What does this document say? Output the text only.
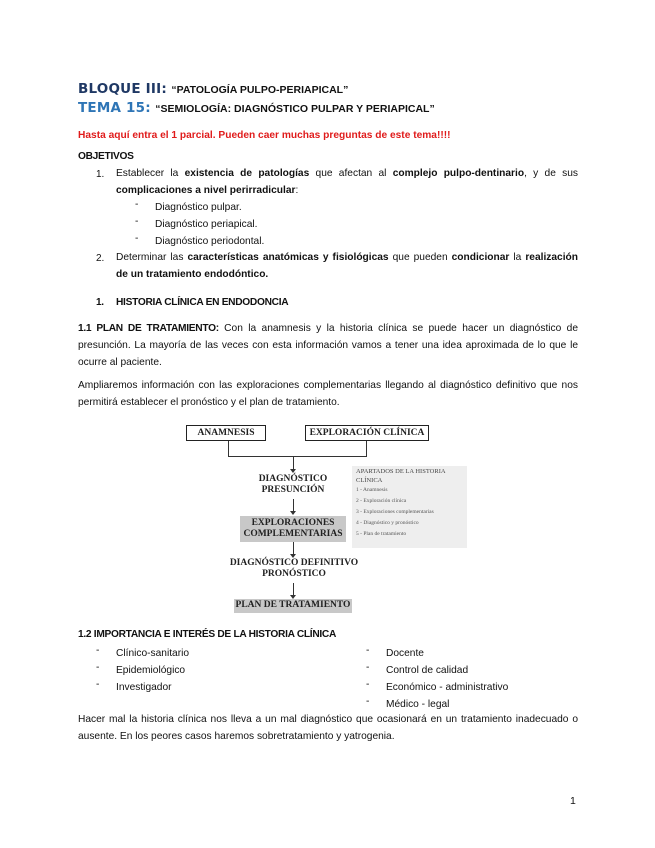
BLOQUE III: “PATOLOGÍA PULPO-PERIAPICAL”
TEMA 15: “SEMIOLOGÍA: DIAGNÓSTICO PULPAR Y PERIAPICAL”
Hasta aquí entra el 1 parcial. Pueden caer muchas preguntas de este tema!!!!
OBJETIVOS
1. Establecer la existencia de patologías que afectan al complejo pulpo-dentinario, y de sus complicaciones a nivel perirradicular:
- Diagnóstico pulpar.
- Diagnóstico periapical.
- Diagnóstico periodontal.
2. Determinar las características anatómicas y fisiológicas que pueden condicionar la realización de un tratamiento endodóntico.
1. HISTORIA CLÍNICA EN ENDODONCIA
1.1 PLAN DE TRATAMIENTO: Con la anamnesis y la historia clínica se puede hacer un diagnóstico de presunción. La mayoría de las veces con esta información vamos a tener una idea aproximada de lo que le ocurre al paciente.
Ampliaremos información con las exploraciones complementarias llegando al diagnóstico definitivo que nos permitirá establecer el pronóstico y el plan de tratamiento.
ANAMNESIS	EXPLORACIÓN CLÍNICA
DIAGNÓSTICO
PRESUNCIÓN
EXPLORACIONES
COMPLEMENTARIAS
DIAGNÓSTICO DEFINITIVO
PRONÓSTICO
PLAN DE TRATAMIENTO
APARTADOS DE LA HISTORIA
CLÍNICA
1 - Anamnesis
2 - Exploración clínica
3 - Exploraciones complementarias
4 - Diagnóstico y pronóstico
5 - Plan de tratamiento
1.2 IMPORTANCIA E INTERÉS DE LA HISTORIA CLÍNICA
- Clínico-sanitario
- Epidemiológico
- Investigador
- Docente
- Control de calidad
- Económico - administrativo
- Médico - legal
Hacer mal la historia clínica nos lleva a un mal diagnóstico que ocasionará en un tratamiento inadecuado o ausente. En los peores casos haremos sobretratamiento y yatrogenia.
1
